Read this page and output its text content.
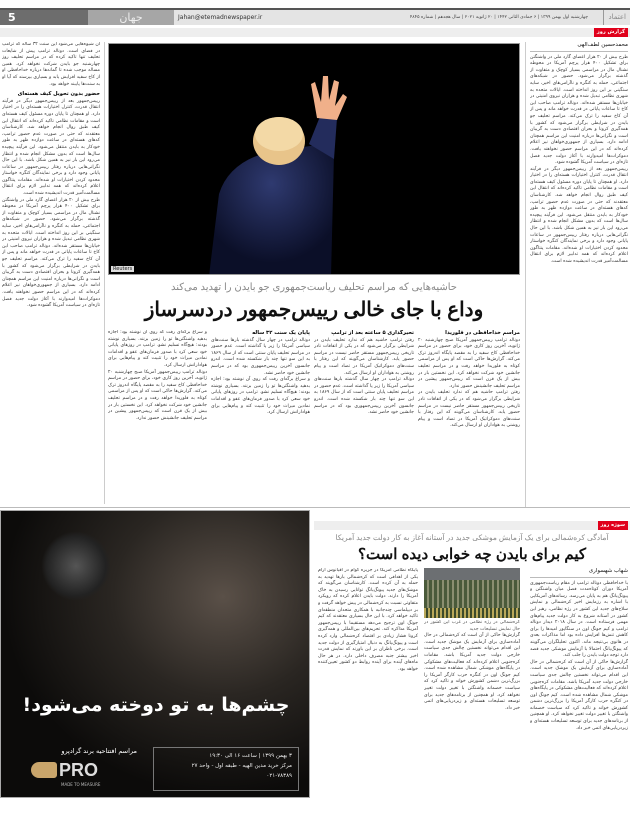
5	جهان	Jahan@etemadnewspaper.ir	چهارشنبه اول بهمن ۱۳۹۹ | ۶ جمادی الثانی ۱۴۴۲ | ۲۰ ژانویه ۲۰۲۱ | سال هجدهم | شماره ۴۸۴۵	اعتماد
گزارش روز

آن شیوه‌هایی می‌شود این سنت ۳۲ ساله که ترامپ در فضای است. دونالد ترامپ پیش از شایعات تحلیف تنها تاکید کرده که در مراسم تحلیف روز چهارشنبه جو بایدن شرکت نخواهد کرد. همین مساله موجب شده تا گمانه‌ها درباره خداحافظی او از کاخ سفید افزایش یابد و بسیاری بپرسند که آیا او به سنت‌ها پایبند خواهد بود.

حضور بدون تحویل کیف هسته‌ای

رییس‌جمهور بعد از رییس‌جمهور دیگر در فرآیند انتقال قدرت، کنترل اختیارات هسته‌ای را در اختیار دارد. او همچنان تا پایان دوره مسئول کیف هسته‌ای است و مقامات نظامی تاکید کرده‌اند که انتقال این کیف طبق روال انجام خواهد شد. کارشناسان معتقدند که حتی در صورت عدم حضور ترامپ، کدهای هسته‌ای در ساعت دوازده ظهر به طور خودکار به بایدن منتقل می‌شود. این فرآیند پیچیده سال‌ها است که بدون مشکل انجام شده و انتظار می‌رود این بار نیز به همین شکل باشد. با این حال نگرانی‌هایی درباره رفتار رییس‌جمهور در ساعات پایانی وجود دارد و برخی نمایندگان کنگره خواستار محدود کردن اختیارات او شده‌اند. مقامات پنتاگون اعلام کرده‌اند که همه تدابیر لازم برای انتقال مسالمت‌آمیز قدرت اندیشیده شده است.

طرح بیش از ۲۰ هزار اعضای گارد ملی در واشنگتن برای تشکیل ۴۰۰ هزار پرچم آمریکا در محوطه نشنال مال در مراسمی بسیار کوچک و متفاوت از گذشته برگزار می‌شود. حضور در شبکه‌های اجتماعی، حمله به کنگره و ناآرامی‌های اخیر، سایه سنگینی بر این روز انداخته است. ایالات متحده به شهری نظامی تبدیل شده و هزاران نیروی امنیتی در خیابان‌ها مستقر شده‌اند. دونالد ترامپ صاحب این کاخ تا ساعات پایانی در قدرت خواهد ماند و پس از آن کاخ سفید را ترک می‌کند. مراسم تحلیف جو بایدن در شرایطی برگزار می‌شود که کشور با همه‌گیری کرونا و بحران اقتصادی دست به گریبان است و نگرانی‌ها درباره امنیت این مراسم همچنان ادامه دارد. بسیاری از جمهوری‌خواهان نیز اعلام کرده‌اند که در این مراسم حضور نخواهند یافت. دموکرات‌ها امیدوارند با آغاز دولت جدید فصل تازه‌ای در سیاست آمریکا گشوده شود.

Reuters
محمدحسین لطف‌الهی

طرح بیش از ۲۰ هزار اعضای گارد ملی در واشنگتن برای تشکیل ۴۰۰ هزار پرچم آمریکا در محوطه نشنال مال در مراسمی بسیار کوچک و متفاوت از گذشته برگزار می‌شود. حضور در شبکه‌های اجتماعی، حمله به کنگره و ناآرامی‌های اخیر، سایه سنگینی بر این روز انداخته است. ایالات متحده به شهری نظامی تبدیل شده و هزاران نیروی امنیتی در خیابان‌ها مستقر شده‌اند. دونالد ترامپ صاحب این کاخ تا ساعات پایانی در قدرت خواهد ماند و پس از آن کاخ سفید را ترک می‌کند. مراسم تحلیف جو بایدن در شرایطی برگزار می‌شود که کشور با همه‌گیری کرونا و بحران اقتصادی دست به گریبان است و نگرانی‌ها درباره امنیت این مراسم همچنان ادامه دارد. بسیاری از جمهوری‌خواهان نیز اعلام کرده‌اند که در این مراسم حضور نخواهند یافت. دموکرات‌ها امیدوارند با آغاز دولت جدید فصل تازه‌ای در سیاست آمریکا گشوده شود.

رییس‌جمهور بعد از رییس‌جمهور دیگر در فرآیند انتقال قدرت، کنترل اختیارات هسته‌ای را در اختیار دارد. او همچنان تا پایان دوره مسئول کیف هسته‌ای است و مقامات نظامی تاکید کرده‌اند که انتقال این کیف طبق روال انجام خواهد شد. کارشناسان معتقدند که حتی در صورت عدم حضور ترامپ، کدهای هسته‌ای در ساعت دوازده ظهر به طور خودکار به بایدن منتقل می‌شود. این فرآیند پیچیده سال‌ها است که بدون مشکل انجام شده و انتظار می‌رود این بار نیز به همین شکل باشد. با این حال نگرانی‌هایی درباره رفتار رییس‌جمهور در ساعات پایانی وجود دارد و برخی نمایندگان کنگره خواستار محدود کردن اختیارات او شده‌اند. مقامات پنتاگون اعلام کرده‌اند که همه تدابیر لازم برای انتقال مسالمت‌آمیز قدرت اندیشیده شده است.

حاشیه‌هایی که مراسم تحلیف ریاست‌جمهوری جو بایدن را تهدید می‌کند
وداع با جای خالی رییس‌جمهور دردسرساز
مراسم خداحافظی در فلوریدا

دونالد ترامپ رییس‌جمهور آمریکا صبح چهارشنبه ۲۰ ژانویه، آخرین روز کاری خود، برای حضور در مراسم خداحافظی کاخ سفید را به مقصد پایگاه اندروز ترک می‌کند. گزارش‌ها حاکی است که او پس از مراسمی کوتاه به فلوریدا خواهد رفت و در مراسم تحلیف جانشین خود شرکت نخواهد کرد. این نخستین بار در بیش از یک قرن است که رییس‌جمهور پیشین در مراسم تحلیف جانشینش حضور ندارد.

رفتن ترامپ حاشیه هم که ندارد تحلیف بایدن در شرایطی برگزار می‌شود که در یکی از اتفاقات نادر تاریخی رییس‌جمهور مستقر حاضر نیست در مراسم حضور یابد. کارشناسان می‌گویند که این رفتار با سنت‌های دموکراتیک آمریکا در تضاد است و پیام روشنی به هواداران او ارسال می‌کند.

تحیرگذاری ۵ ساعته بعد از ترامپ

رفتن ترامپ حاشیه هم که ندارد تحلیف بایدن در شرایطی برگزار می‌شود که در یکی از اتفاقات نادر تاریخی رییس‌جمهور مستقر حاضر نیست در مراسم حضور یابد. کارشناسان می‌گویند که این رفتار با سنت‌های دموکراتیک آمریکا در تضاد است و پیام روشنی به هواداران او ارسال می‌کند.

دونالد ترامپ در چهار سال گذشته بارها سنت‌های سیاسی آمریکا را زیر پا گذاشته است. عدم حضور در مراسم تحلیف پایان سنتی است که از سال ۱۸۶۹ به این سو تنها چند بار شکسته شده است. اندرو جانسون آخرین رییس‌جمهوری بود که در مراسم جانشین خود حاضر نشد.

پایان یک سنت ۳۲ ساله

دونالد ترامپ در چهار سال گذشته بارها سنت‌های سیاسی آمریکا را زیر پا گذاشته است. عدم حضور در مراسم تحلیف پایان سنتی است که از سال ۱۸۶۹ به این سو تنها چند بار شکسته شده است. اندرو جانسون آخرین رییس‌جمهوری بود که در مراسم جانشین خود حاضر نشد.

و سراغ برگه‌ای رفت که روی آن نوشته بود: اجازه بدهید واشنگتن‌ها تو را زمین بزنند. بسیاری نوشته بودند: هیچ‌گاه تسلیم نشو. ترامپ در روزهای پایانی خود سعی کرد با صدور فرمان‌های عفو و اقدامات نمادین میراث خود را تثبیت کند و پیام‌هایی برای هوادارانش ارسال کرد.

و سراغ برگه‌ای رفت که روی آن نوشته بود: اجازه بدهید واشنگتن‌ها تو را زمین بزنند. بسیاری نوشته بودند: هیچ‌گاه تسلیم نشو. ترامپ در روزهای پایانی خود سعی کرد با صدور فرمان‌های عفو و اقدامات نمادین میراث خود را تثبیت کند و پیام‌هایی برای هوادارانش ارسال کرد.

دونالد ترامپ رییس‌جمهور آمریکا صبح چهارشنبه ۲۰ ژانویه، آخرین روز کاری خود، برای حضور در مراسم خداحافظی کاخ سفید را به مقصد پایگاه اندروز ترک می‌کند. گزارش‌ها حاکی است که او پس از مراسمی کوتاه به فلوریدا خواهد رفت و در مراسم تحلیف جانشین خود شرکت نخواهد کرد. این نخستین بار در بیش از یک قرن است که رییس‌جمهور پیشین در مراسم تحلیف جانشینش حضور ندارد.

چشم‌ها به تو دوخته می‌شود!
مراسم افتتاحیه برند گرادپرو
PRO
MADE TO MEASURE
۳ بهمن ۱۳۹۹ | ساعت ۱۶ الی ۱۹:۳۰
مرکز خرید مدین الهیه - طبقه اول - واحد ۲۷
۰۲۱-۷۸۳۸۹
سوژه روز
آمادگی کره‌شمالی برای یک آزمایش موشکی جدید در آستانه آغاز به کار دولت جدید آمریکا
کیم برای بایدن چه خوابی دیده است؟
شهاب شهسواری

با خداحافظی دونالد ترامپ از مقام ریاست‌جمهوری آمریکا دوران کوتاه‌مدت فصل میان واشنگتن و پیونگ‌یانگ هم به پایان می‌رسد. رسانه‌های آمریکایی با اشاره به رزمایش اخیر کره‌شمالی و نمایش سلاح‌های جدید این کشور در رژه نظامی، رهبر این کشور در آستانه شروع به کار دولت جدید پیام‌های مهمی فرستاده است. در سال ۲۰۱۸ دیدار دونالد ترامپ و کیم جونگ اون در سنگاپور امیدها را برای کاهش تنش‌ها افزایش داده بود اما مذاکرات بعدی در هانوی بی‌نتیجه ماند. اکنون تحلیلگران می‌گویند که پیونگ‌یانگ احتمالا با آزمایش موشکی جدید قصد دارد توجه دولت بایدن را جلب کند.

گزارش‌ها حاکی از آن است که کره‌شمالی در حال آماده‌سازی برای آزمایش یک موشک جدید است. این اقدام می‌تواند نخستین چالش جدی سیاست خارجی دولت جدید آمریکا باشد. مقامات کره‌جنوبی اعلام کرده‌اند که فعالیت‌های مشکوکی در پایگاه‌های موشکی شمال مشاهده شده است. کیم جونگ اون در کنگره حزب کارگر آمریکا را بزرگ‌ترین دشمن کشورش خواند و تاکید کرد که سیاست خصمانه واشنگتن با تغییر دولت تغییر نخواهد کرد. او همچنین از برنامه‌های جدید برای توسعه تسلیحات هسته‌ای و زیردریایی‌های اتمی خبر داد.

کره‌شمالی در رژه نظامی در غرب این کشور در حال نمایش تسلیحات جدید

گزارش‌ها حاکی از آن است که کره‌شمالی در حال آماده‌سازی برای آزمایش یک موشک جدید است. این اقدام می‌تواند نخستین چالش جدی سیاست خارجی دولت جدید آمریکا باشد. مقامات کره‌جنوبی اعلام کرده‌اند که فعالیت‌های مشکوکی در پایگاه‌های موشکی شمال مشاهده شده است. کیم جونگ اون در کنگره حزب کارگر آمریکا را بزرگ‌ترین دشمن کشورش خواند و تاکید کرد که سیاست خصمانه واشنگتن با تغییر دولت تغییر نخواهد کرد. او همچنین از برنامه‌های جدید برای توسعه تسلیحات هسته‌ای و زیردریایی‌های اتمی خبر داد.

پایگاه نظامی آمریکا در جزیره گوام در اقیانوس آرام یکی از اهدافی است که کره‌شمالی بارها تهدید به حمله به آن کرده است. کارشناسان می‌گویند که موشک‌های جدید پیونگ‌یانگ توانایی رسیدن به خاک آمریکا را دارند. دولت بایدن اعلام کرده که رویکرد متفاوتی نسبت به کره‌شمالی در پیش خواهد گرفت و بر دیپلماسی چندجانبه با همکاری متحدان منطقه‌ای تاکید خواهد کرد. با این حال بسیاری معتقدند که کیم جونگ اون ترجیح می‌دهد مستقیما با رییس‌جمهور آمریکا مذاکره کند. تحریم‌های بین‌المللی و همه‌گیری کرونا فشار زیادی بر اقتصاد کره‌شمالی وارد کرده است و پیونگ‌یانگ به دنبال امتیازگیری از دولت جدید است. برخی ناظران بر این باورند که نمایش قدرت اخیر بیشتر جنبه مصرف داخلی دارد. در هر حال ماه‌های آینده برای آینده روابط دو کشور تعیین‌کننده خواهد بود.
